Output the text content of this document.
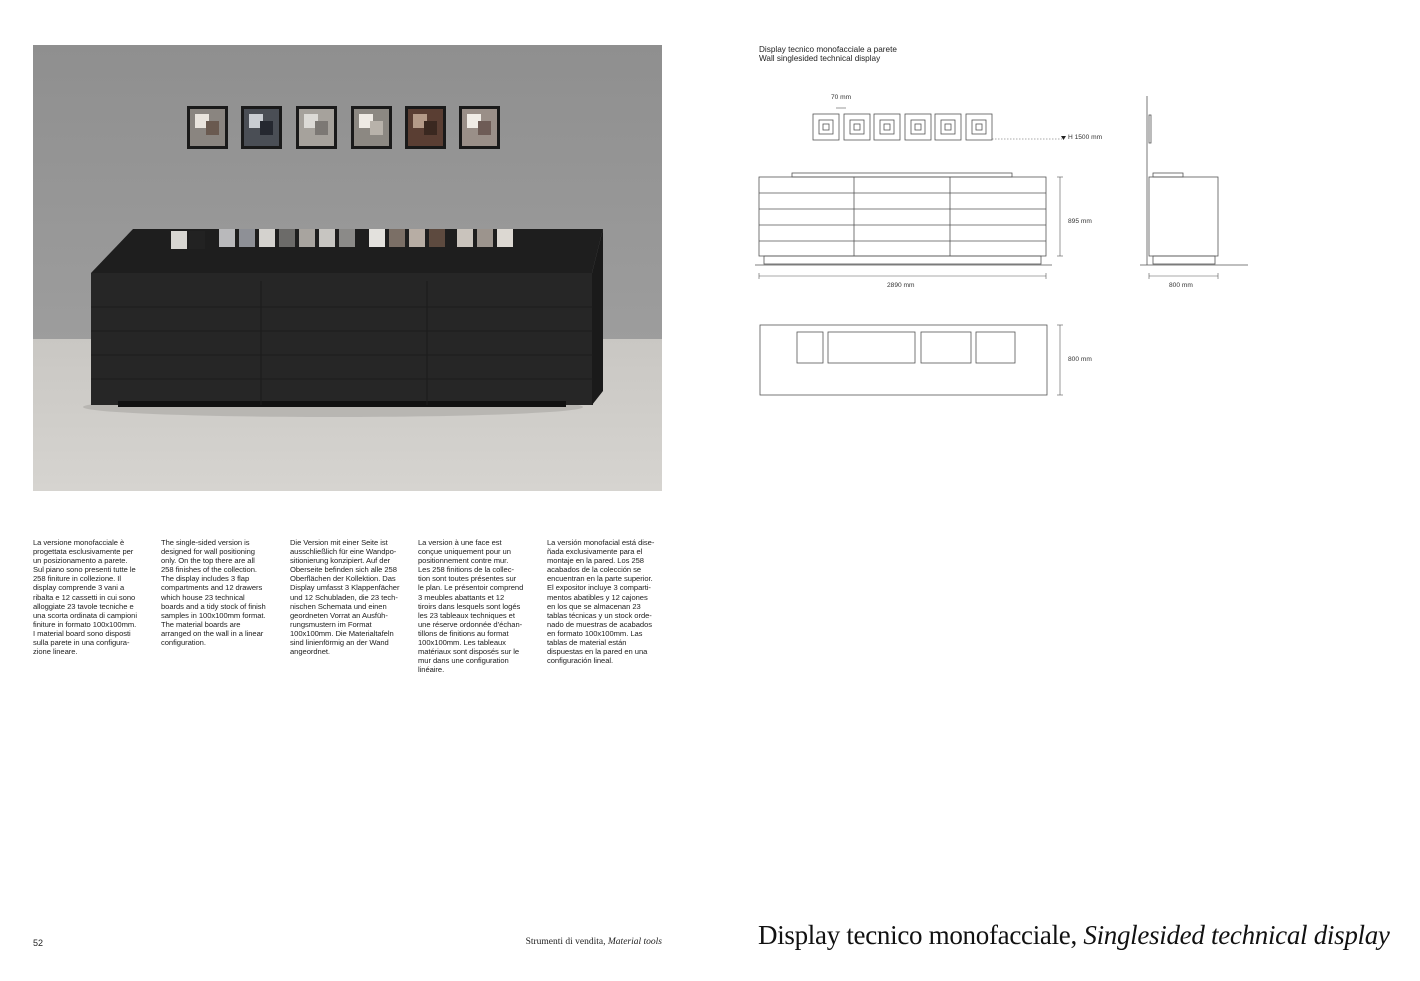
La versione monofacciale è
progettata esclusivamente per
un posizionamento a parete.
Sul piano sono presenti tutte le
258 finiture in collezione. Il
display comprende 3 vani a
ribalta e 12 cassetti in cui sono
alloggiate 23 tavole tecniche e
una scorta ordinata di campioni
finiture in formato 100x100mm.
I material board sono disposti
sulla parete in una configura-
zione lineare.
The single-sided version is
designed for wall positioning
only. On the top there are all
258 finishes of the collection.
The display includes 3 flap
compartments and 12 drawers
which house 23 technical
boards and a tidy stock of finish
samples in 100x100mm format.
The material boards are
arranged on the wall in a linear
configuration.
Die Version mit einer Seite ist
ausschließlich für eine Wandpo-
sitionierung konzipiert. Auf der
Oberseite befinden sich alle 258
Oberflächen der Kollektion. Das
Display umfasst 3 Klappenfächer
und 12 Schubladen, die 23 tech-
nischen Schemata und einen
geordneten Vorrat an Ausfüh-
rungsmustern im Format
100x100mm. Die Materialtafeln
sind linienförmig an der Wand
angeordnet.
La version à une face est
conçue uniquement pour un
positionnement contre mur.
Les 258 finitions de la collec-
tion sont toutes présentes sur
le plan. Le présentoir comprend
3 meubles abattants et 12
tiroirs dans lesquels sont logés
les 23 tableaux techniques et
une réserve ordonnée d’échan-
tillons de finitions au format
100x100mm. Les tableaux
matériaux sont disposés sur le
mur dans une configuration
linéaire.
La versión monofacial está dise-
ñada exclusivamente para el
montaje en la pared. Los 258
acabados de la colección se
encuentran en la parte superior.
El expositor incluye 3 comparti-
mentos abatibles y 12 cajones
en los que se almacenan 23
tablas técnicas y un stock orde-
nado de muestras de acabados
en formato 100x100mm. Las
tablas de material están
dispuestas en la pared en una
configuración lineal.
52	Strumenti di vendita, Material tools
Display tecnico monofacciale a parete
Wall singlesided technical display
70 mm
H 1500 mm
895 mm
2890 mm	800 mm
800 mm
Display tecnico monofacciale, Singlesided technical display
